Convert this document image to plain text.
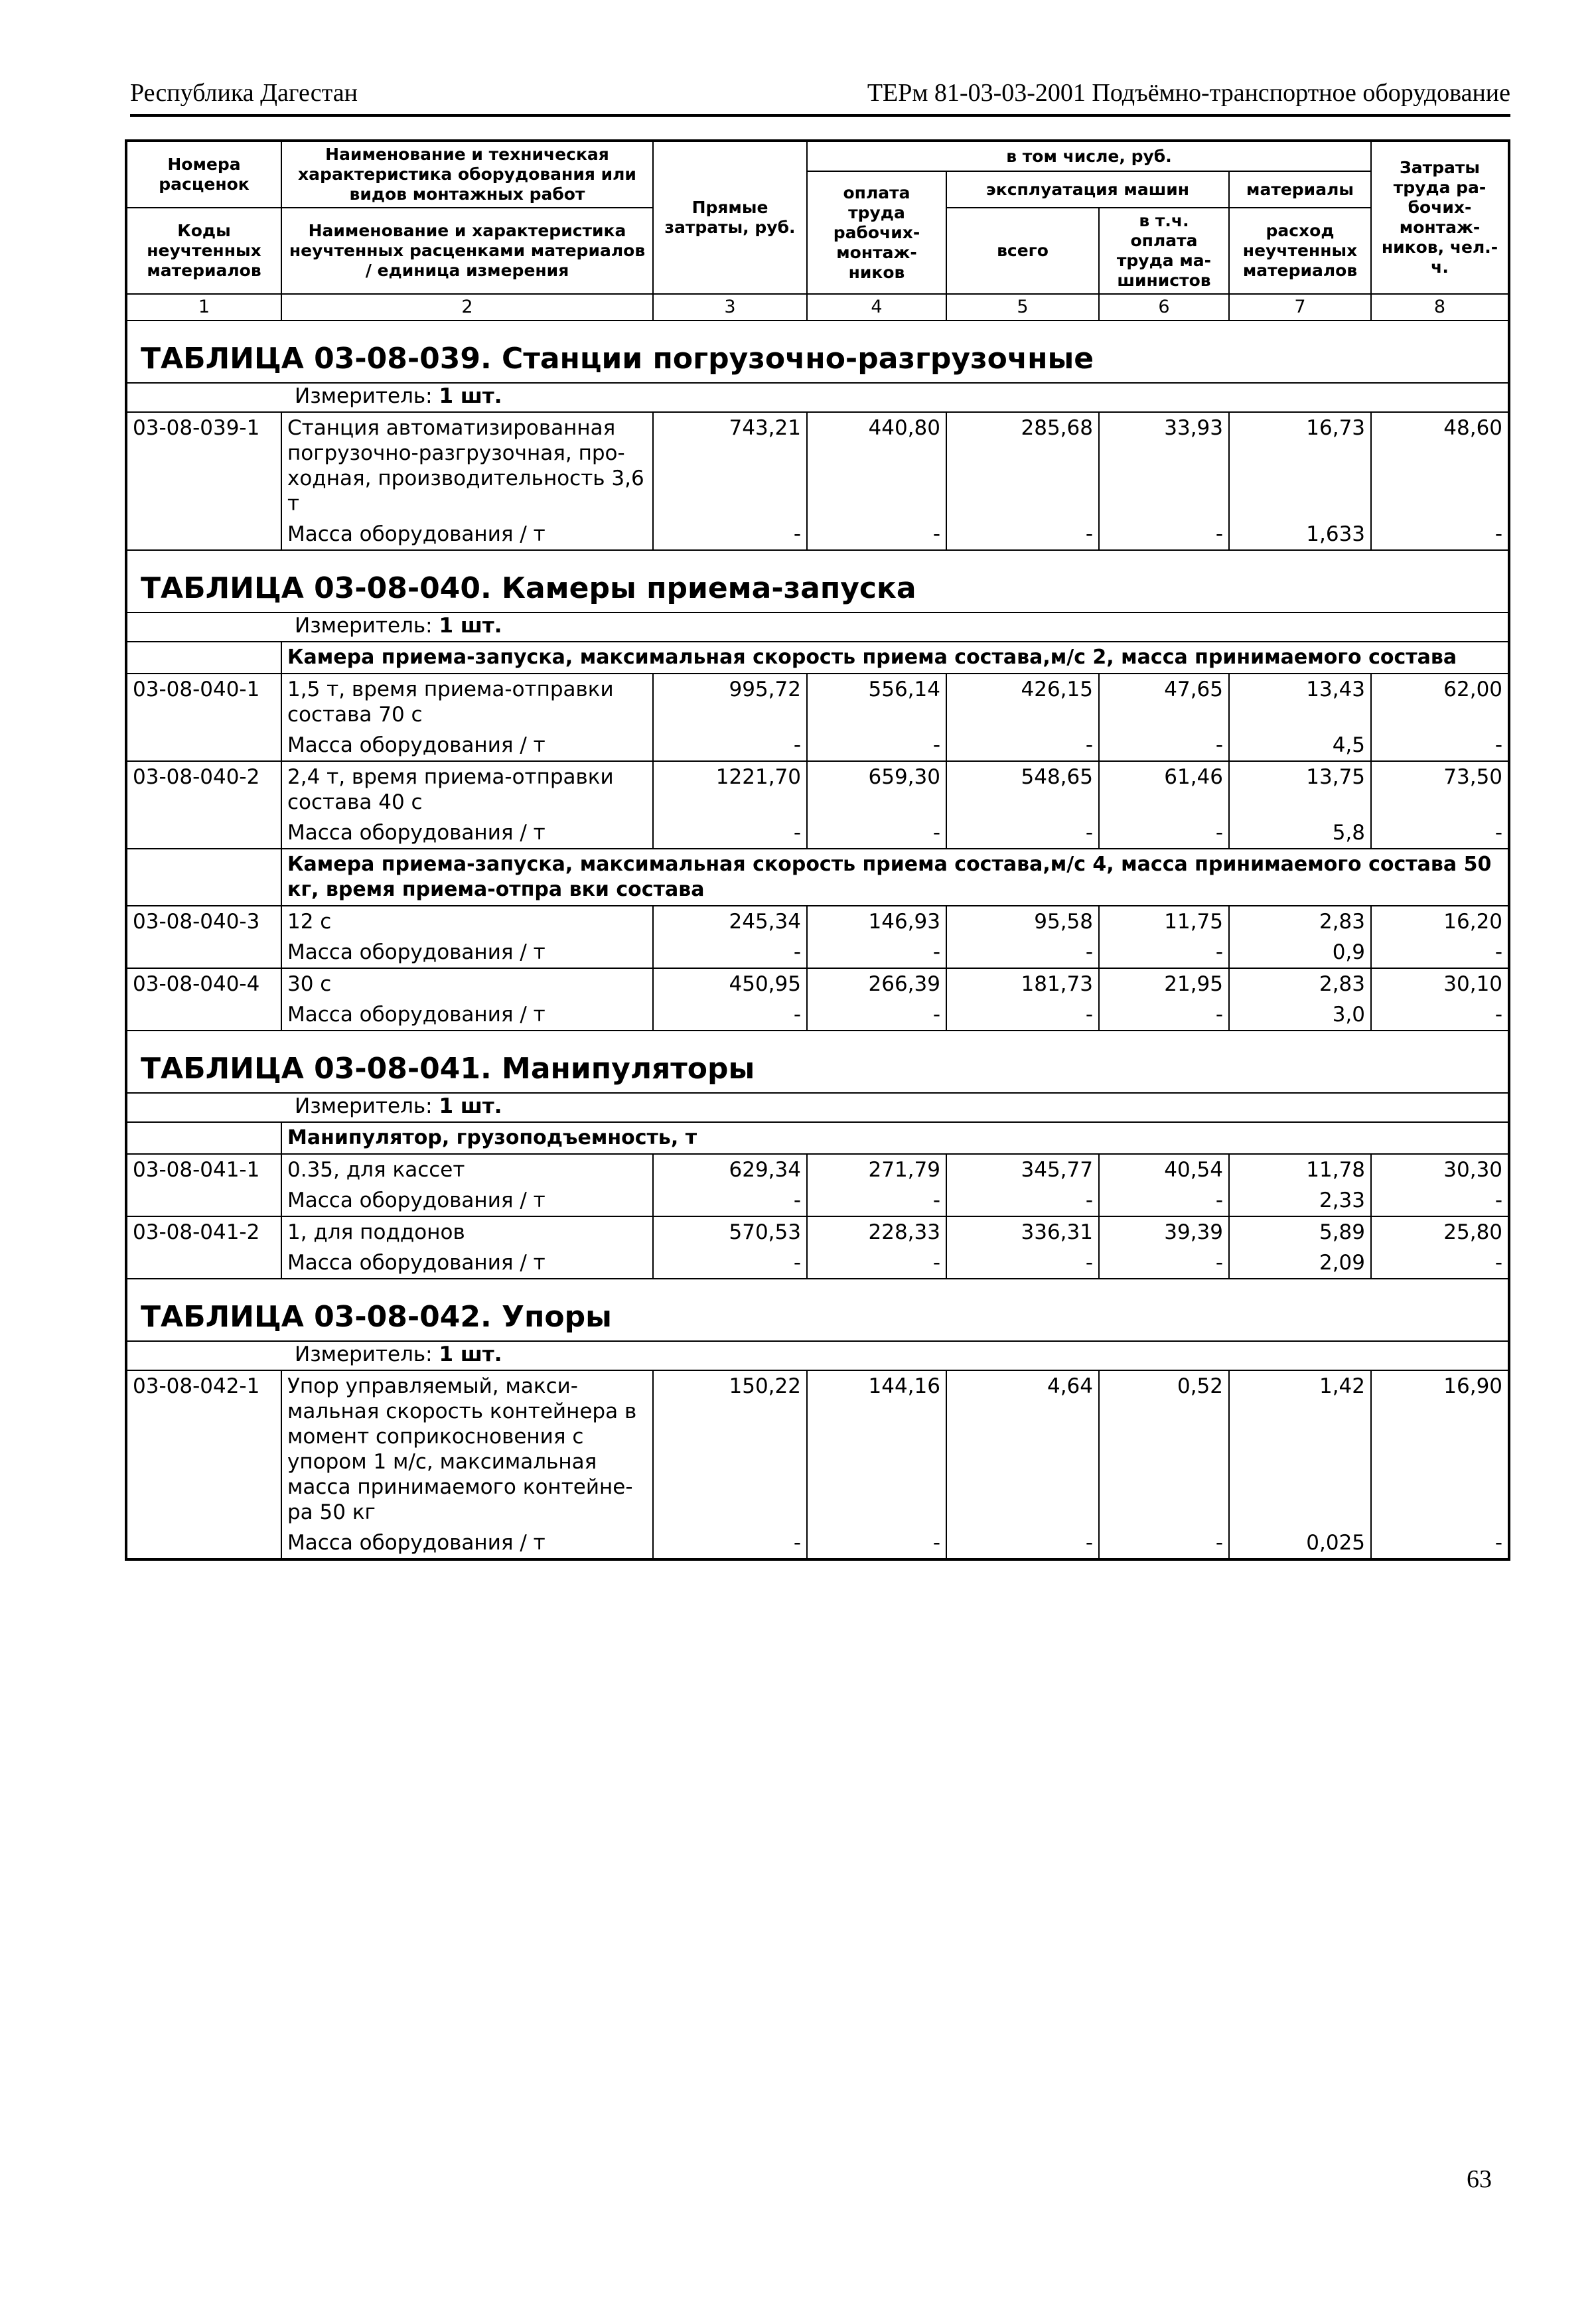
Республика Дагестан	ТЕРм 81-03-03-2001 Подъёмно-транспортное оборудование
Номера расценок	Наименование и техническая характеристика оборудования или видов монтажных работ	Прямые затраты, руб.	в том числе, руб.				Затраты труда ра-бочих-монтаж-ников, чел.-ч.
			оплата труда рабочих-монтаж-ников	эксплуатация машин		материалы	
Коды неучтенных материалов	Наименование и характеристика неучтенных расценками материалов / единица измерения			всего	в т.ч. оплата труда ма-шинистов	расход неучтенных материалов	

1	2	3	4	5	6	7	8
ТАБЛИЦА 03-08-039. Станции погрузочно-разгрузочные							
Измеритель: 1 шт.							
03-08-039-1	Станция автоматизированная погрузочно-разгрузочная, про-ходная, производительность 3,6 т	743,21	440,80	285,68	33,93	16,73	48,60
	Масса оборудования / т	-	-	-	-	1,633	-
ТАБЛИЦА 03-08-040. Камеры приема-запуска							
Измеритель: 1 шт.							
	Камера приема-запуска, максимальная скорость приема состава,м/с 2, масса принимаемого состава						
03-08-040-1	1,5 т, время приема-отправки состава 70 с	995,72	556,14	426,15	47,65	13,43	62,00
	Масса оборудования / т	-	-	-	-	4,5	-
03-08-040-2	2,4 т, время приема-отправки состава 40 с	1221,70	659,30	548,65	61,46	13,75	73,50
	Масса оборудования / т	-	-	-	-	5,8	-
	Камера приема-запуска, максимальная скорость приема состава,м/с 4, масса принимаемого состава 50 кг, время приема-отпра вки состава						
03-08-040-3	12 с	245,34	146,93	95,58	11,75	2,83	16,20
	Масса оборудования / т	-	-	-	-	0,9	-
03-08-040-4	30 с	450,95	266,39	181,73	21,95	2,83	30,10
	Масса оборудования / т	-	-	-	-	3,0	-
ТАБЛИЦА 03-08-041. Манипуляторы							
Измеритель: 1 шт.							
	Манипулятор, грузоподъемность, т						
03-08-041-1	0.35, для кассет	629,34	271,79	345,77	40,54	11,78	30,30
	Масса оборудования / т	-	-	-	-	2,33	-
03-08-041-2	1, для поддонов	570,53	228,33	336,31	39,39	5,89	25,80
	Масса оборудования / т	-	-	-	-	2,09	-
ТАБЛИЦА 03-08-042. Упоры							
Измеритель: 1 шт.							
03-08-042-1	Упор управляемый, макси-мальная скорость контейнера в момент соприкосновения с упором 1 м/с, максимальная масса принимаемого контейне-ра 50 кг	150,22	144,16	4,64	0,52	1,42	16,90
	Масса оборудования / т	-	-	-	-	0,025	-
63
